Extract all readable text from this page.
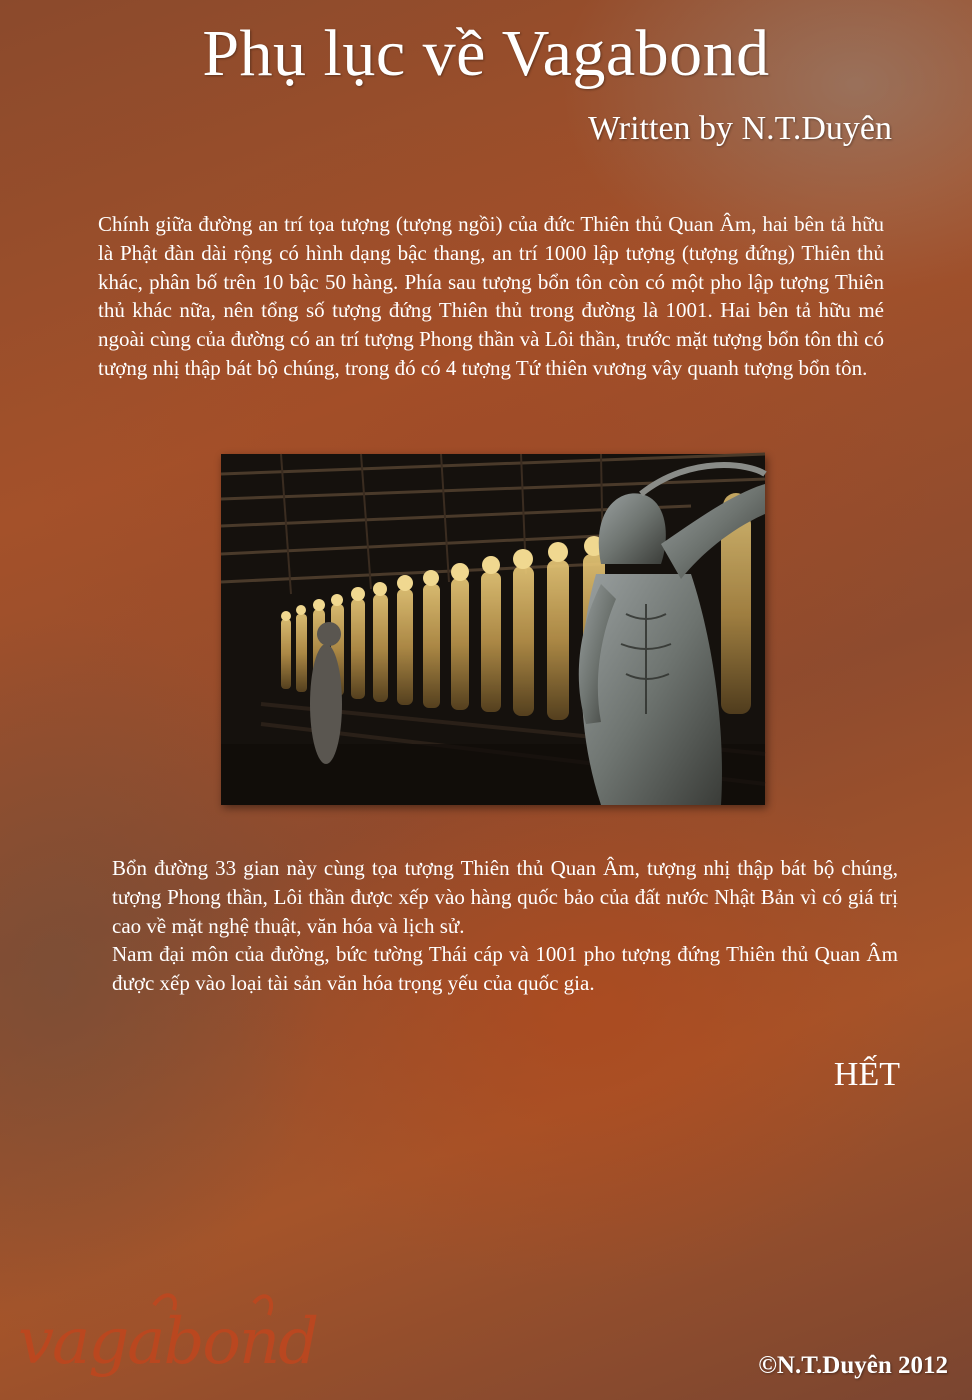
Phụ lục về Vagabond
Written by N.T.Duyên

Chính giữa đường an trí tọa tượng (tượng ngồi) của đức Thiên thủ Quan Âm, hai bên tả hữu là Phật đàn dài rộng có hình dạng bậc thang, an trí 1000 lập tượng (tượng đứng) Thiên thủ khác, phân bố trên 10 bậc 50 hàng. Phía sau tượng bổn tôn còn có một pho lập tượng Thiên thủ khác nữa, nên tổng số tượng đứng Thiên thủ trong đường là 1001. Hai bên tả hữu mé ngoài cùng của đường có an trí tượng Phong thần và Lôi thần, trước mặt tượng bổn tôn thì có tượng nhị thập bát bộ chúng, trong đó có 4 tượng Tứ thiên vương vây quanh tượng bổn tôn.

Bổn đường 33 gian này cùng tọa tượng Thiên thủ Quan Âm, tượng nhị thập bát bộ chúng, tượng Phong thần, Lôi thần được xếp vào hàng quốc bảo của đất nước Nhật Bản vì có giá trị cao về mặt nghệ thuật, văn hóa và lịch sử.

Nam đại môn của đường, bức tường Thái cáp và 1001 pho tượng đứng Thiên thủ Quan Âm được xếp vào loại tài sản văn hóa trọng yếu của quốc gia.

HẾT
vagabond	©N.T.Duyên 2012
